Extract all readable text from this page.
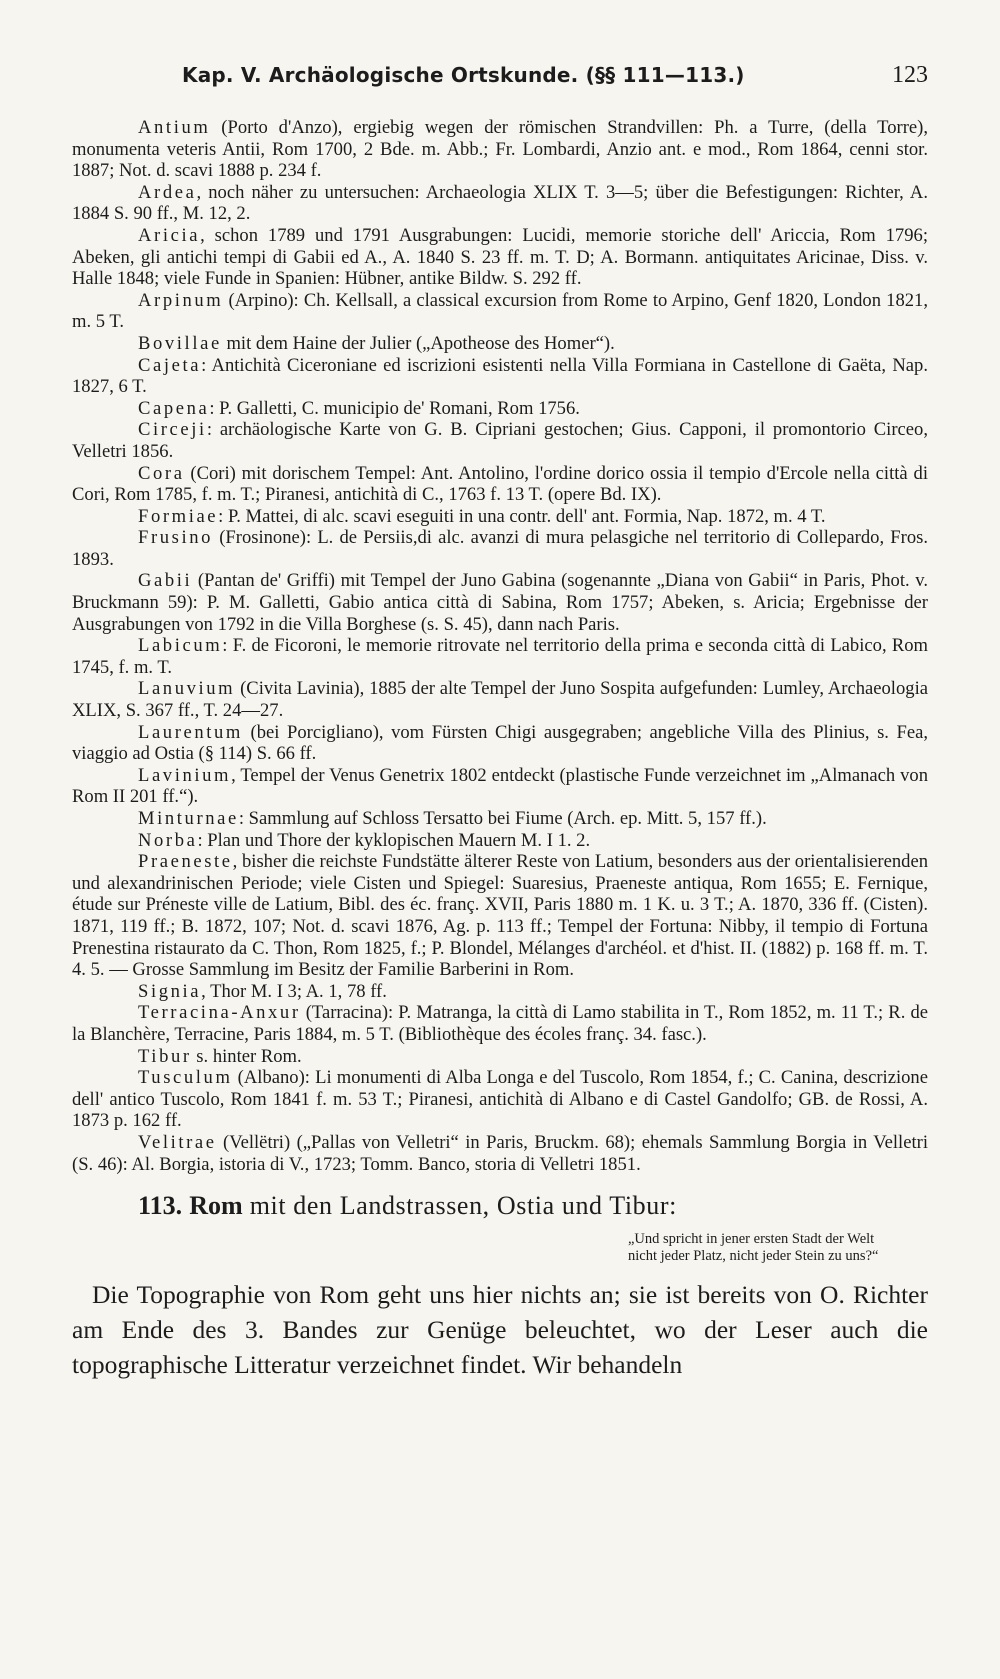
Kap. V. Archäologische Ortskunde. (§§ 111—113.)	123

Antium (Porto d'Anzo), ergiebig wegen der römischen Strandvillen: Ph. a Turre, (della Torre), monumenta veteris Antii, Rom 1700, 2 Bde. m. Abb.; Fr. Lombardi, Anzio ant. e mod., Rom 1864, cenni stor. 1887; Not. d. scavi 1888 p. 234 f.

Ardea, noch näher zu untersuchen: Archaeologia XLIX T. 3—5; über die Befestigungen: Richter, A. 1884 S. 90 ff., M. 12, 2.

Aricia, schon 1789 und 1791 Ausgrabungen: Lucidi, memorie storiche dell' Ariccia, Rom 1796; Abeken, gli antichi tempi di Gabii ed A., A. 1840 S. 23 ff. m. T. D; A. Bormann. antiquitates Aricinae, Diss. v. Halle 1848; viele Funde in Spanien: Hübner, antike Bildw. S. 292 ff.

Arpinum (Arpino): Ch. Kellsall, a classical excursion from Rome to Arpino, Genf 1820, London 1821, m. 5 T.

Bovillae mit dem Haine der Julier („Apotheose des Homer“).

Cajeta: Antichità Ciceroniane ed iscrizioni esistenti nella Villa Formiana in Castellone di Gaëta, Nap. 1827, 6 T.

Capena: P. Galletti, C. municipio de' Romani, Rom 1756.

Circeji: archäologische Karte von G. B. Cipriani gestochen; Gius. Capponi, il promontorio Circeo, Velletri 1856.

Cora (Cori) mit dorischem Tempel: Ant. Antolino, l'ordine dorico ossia il tempio d'Ercole nella città di Cori, Rom 1785, f. m. T.; Piranesi, antichità di C., 1763 f. 13 T. (opere Bd. IX).

Formiae: P. Mattei, di alc. scavi eseguiti in una contr. dell' ant. Formia, Nap. 1872, m. 4 T.

Frusino (Frosinone): L. de Persiis,di alc. avanzi di mura pelasgiche nel territorio di Collepardo, Fros. 1893.

Gabii (Pantan de' Griffi) mit Tempel der Juno Gabina (sogenannte „Diana von Gabii“ in Paris, Phot. v. Bruckmann 59): P. M. Galletti, Gabio antica città di Sabina, Rom 1757; Abeken, s. Aricia; Ergebnisse der Ausgrabungen von 1792 in die Villa Borghese (s. S. 45), dann nach Paris.

Labicum: F. de Ficoroni, le memorie ritrovate nel territorio della prima e seconda città di Labico, Rom 1745, f. m. T.

Lanuvium (Civita Lavinia), 1885 der alte Tempel der Juno Sospita aufgefunden: Lumley, Archaeologia XLIX, S. 367 ff., T. 24—27.

Laurentum (bei Porcigliano), vom Fürsten Chigi ausgegraben; angebliche Villa des Plinius, s. Fea, viaggio ad Ostia (§ 114) S. 66 ff.

Lavinium, Tempel der Venus Genetrix 1802 entdeckt (plastische Funde verzeichnet im „Almanach von Rom II 201 ff.“).

Minturnae: Sammlung auf Schloss Tersatto bei Fiume (Arch. ep. Mitt. 5, 157 ff.).

Norba: Plan und Thore der kyklopischen Mauern M. I 1. 2.

Praeneste, bisher die reichste Fundstätte älterer Reste von Latium, besonders aus der orientalisierenden und alexandrinischen Periode; viele Cisten und Spiegel: Suaresius, Praeneste antiqua, Rom 1655; E. Fernique, étude sur Préneste ville de Latium, Bibl. des éc. franç. XVII, Paris 1880 m. 1 K. u. 3 T.; A. 1870, 336 ff. (Cisten). 1871, 119 ff.; B. 1872, 107; Not. d. scavi 1876, Ag. p. 113 ff.; Tempel der Fortuna: Nibby, il tempio di Fortuna Prenestina ristaurato da C. Thon, Rom 1825, f.; P. Blondel, Mélanges d'archéol. et d'hist. II. (1882) p. 168 ff. m. T. 4. 5. — Grosse Sammlung im Besitz der Familie Barberini in Rom.

Signia, Thor M. I 3; A. 1, 78 ff.

Terracina-Anxur (Tarracina): P. Matranga, la città di Lamo stabilita in T., Rom 1852, m. 11 T.; R. de la Blanchère, Terracine, Paris 1884, m. 5 T. (Bibliothèque des écoles franç. 34. fasc.).

Tibur s. hinter Rom.

Tusculum (Albano): Li monumenti di Alba Longa e del Tuscolo, Rom 1854, f.; C. Canina, descrizione dell' antico Tuscolo, Rom 1841 f. m. 53 T.; Piranesi, antichità di Albano e di Castel Gandolfo; GB. de Rossi, A. 1873 p. 162 ff.

Velitrae (Vellëtri) („Pallas von Velletri“ in Paris, Bruckm. 68); ehemals Sammlung Borgia in Velletri (S. 46): Al. Borgia, istoria di V., 1723; Tomm. Banco, storia di Velletri 1851.

113. Rom mit den Landstrassen, Ostia und Tibur:
„Und spricht in jener ersten Stadt der Welt
nicht jeder Platz, nicht jeder Stein zu uns?“

Die Topographie von Rom geht uns hier nichts an; sie ist bereits von O. Richter am Ende des 3. Bandes zur Genüge beleuchtet, wo der Leser auch die topographische Litteratur verzeichnet findet. Wir behandeln
